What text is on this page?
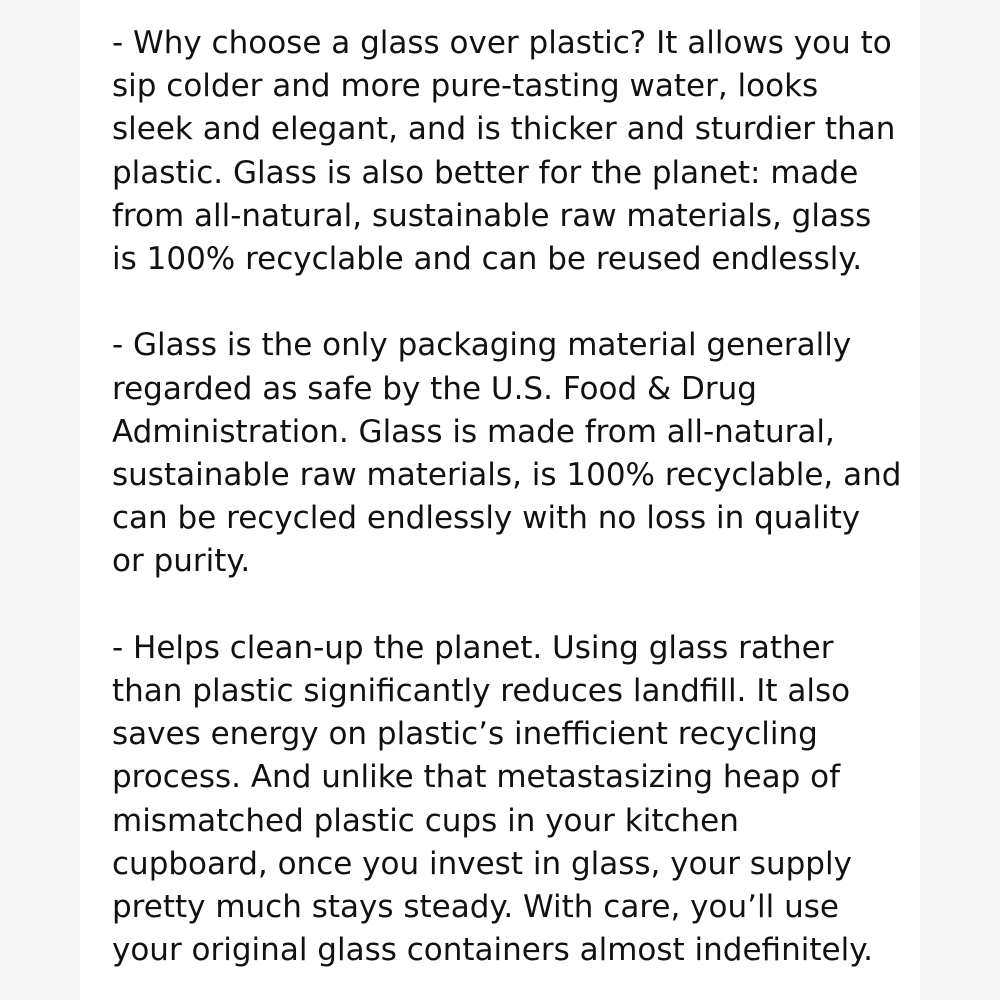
- Why choose a glass over plastic? It allows you to
sip colder and more pure-tasting water, looks
sleek and elegant, and is thicker and sturdier than
plastic. Glass is also better for the planet: made
from all-natural, sustainable raw materials, glass
is 100% recyclable and can be reused endlessly.

- Glass is the only packaging material generally
regarded as safe by the U.S. Food & Drug
Administration. Glass is made from all-natural,
sustainable raw materials, is 100% recyclable, and
can be recycled endlessly with no loss in quality
or purity.

- Helps clean-up the planet. Using glass rather
than plastic significantly reduces landfill. It also
saves energy on plastic’s inefficient recycling
process. And unlike that metastasizing heap of
mismatched plastic cups in your kitchen
cupboard, once you invest in glass, your supply
pretty much stays steady. With care, you’ll use
your original glass containers almost indefinitely.
